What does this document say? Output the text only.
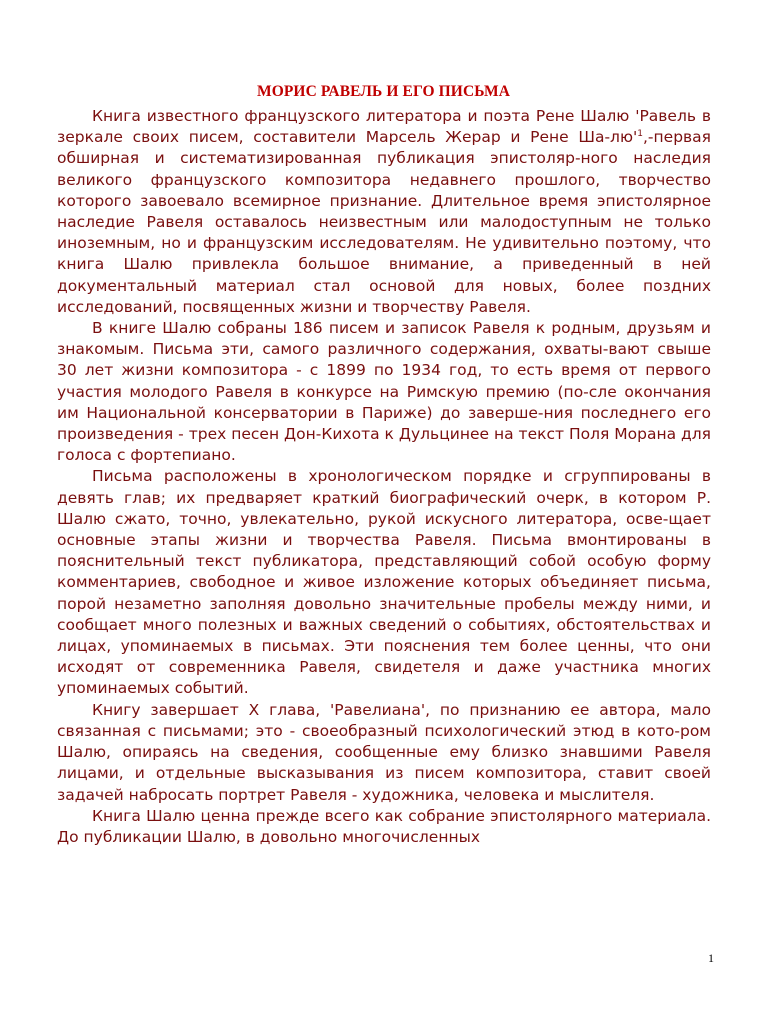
МОРИС РАВЕЛЬ И ЕГО ПИСЬМА

Книга известного французского литератора и поэта Рене Шалю 'Равель в зеркале своих писем, составители Марсель Жерар и Рене $Ша-лю'^1$,-первая обширная и систематизированная публикация эпистоляр-ного наследия великого французского композитора недавнего прошлого, творчество которого завоевало всемирное признание. Длительное время эпистолярное наследие Равеля оставалось неизвестным или малодоступным не только иноземным, но и французским исследователям. Не удивительно поэтому, что книга Шалю привлекла большое внимание, а приведенный в ней документальный материал стал основой для новых, более поздних исследований, посвященных жизни и творчеству Равеля.

В книге Шалю собраны 186 писем и записок Равеля к родным, друзьям и знакомым. Письма эти, самого различного содержания, охваты-вают свыше 30 лет жизни композитора - с 1899 по 1934 год, то есть время от первого участия молодого Равеля в конкурсе на Римскую премию (по-сле окончания им Национальной консерватории в Париже) до заверше-ния последнего его произведения - трех песен Дон-Кихота к Дульцинее на текст Поля Морана для голоса с фортепиано.

Письма расположены в хронологическом порядке и сгруппированы в девять глав; их предваряет краткий биографический очерк, в котором Р. Шалю сжато, точно, увлекательно, рукой искусного литератора, осве-щает основные этапы жизни и творчества Равеля. Письма вмонтированы в пояснительный текст публикатора, представляющий собой особую форму комментариев, свободное и живое изложение которых объединяет письма, порой незаметно заполняя довольно значительные пробелы между ними, и сообщает много полезных и важных сведений о событиях, обстоятельствах и лицах, упоминаемых в письмах. Эти пояснения тем более ценны, что они исходят от современника Равеля, свидетеля и даже участника многих упоминаемых событий.

Книгу завершает X глава, 'Равелиана', по признанию ее автора, мало связанная с письмами; это - своеобразный психологический этюд в кото-ром Шалю, опираясь на сведения, сообщенные ему близко знавшими Равеля лицами, и отдельные высказывания из писем композитора, ставит своей задачей набросать портрет Равеля - художника, человека и мыслителя.

Книга Шалю ценна прежде всего как собрание эпистолярного материала. До публикации Шалю, в довольно многочисленных

1
